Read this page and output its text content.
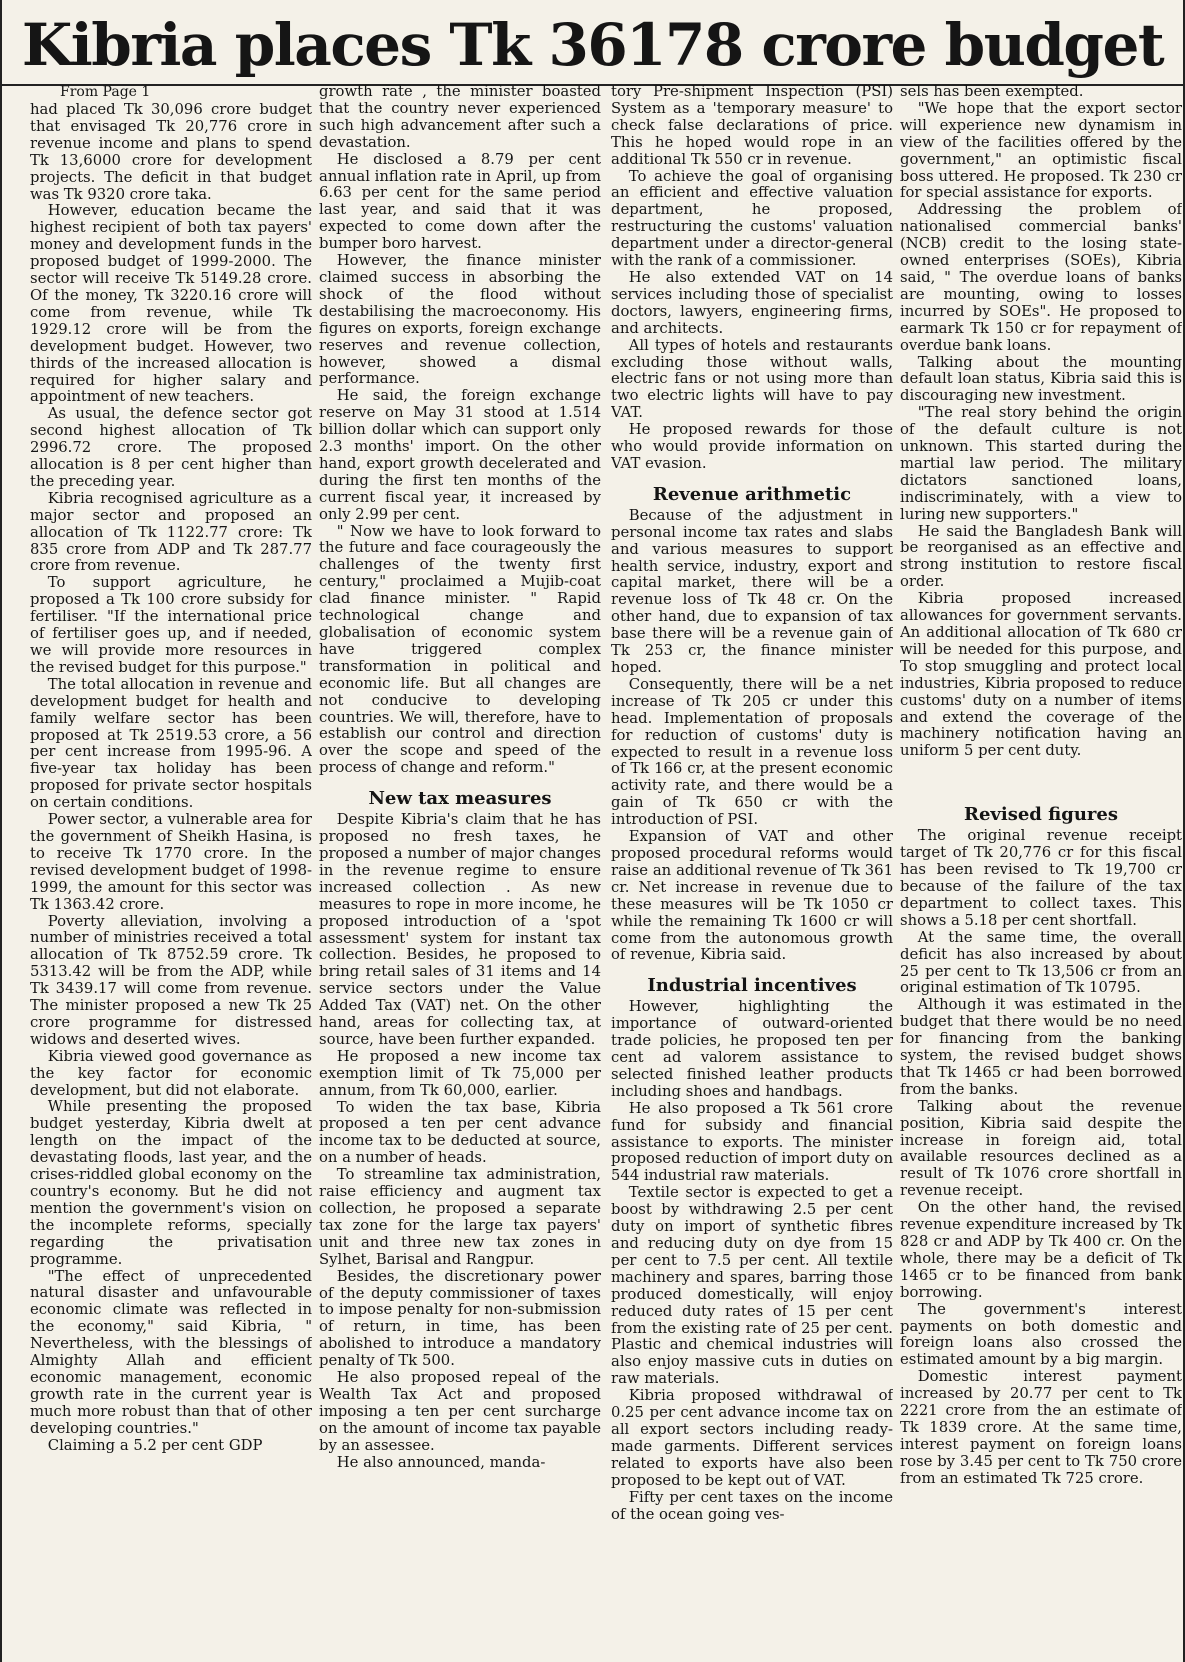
Kibria places Tk 36178 crore budget
From Page 1

had placed Tk 30,096 crore budget that envisaged Tk 20,776 crore in revenue income and plans to spend Tk 13,6000 crore for development projects. The deficit in that budget was Tk 9320 crore taka.

However, education became the highest recipient of both tax payers' money and development funds in the proposed budget of 1999-2000. The sector will receive Tk 5149.28 crore. Of the money, Tk 3220.16 crore will come from revenue, while Tk 1929.12 crore will be from the development budget. However, two thirds of the increased allocation is required for higher salary and appointment of new teachers.

As usual, the defence sector got second highest allocation of Tk 2996.72 crore. The proposed allocation is 8 per cent higher than the preceding year.

Kibria recognised agriculture as a major sector and proposed an allocation of Tk 1122.77 crore: Tk 835 crore from ADP and Tk 287.77 crore from revenue.

To support agriculture, he proposed a Tk 100 crore subsidy for fertiliser. "If the international price of fertiliser goes up, and if needed, we will provide more resources in the revised budget for this purpose."

The total allocation in revenue and development budget for health and family welfare sector has been proposed at Tk 2519.53 crore, a 56 per cent increase from 1995-96. A five-year tax holiday has been proposed for private sector hospitals on certain conditions.

Power sector, a vulnerable area for the government of Sheikh Hasina, is to receive Tk 1770 crore. In the revised development budget of 1998-1999, the amount for this sector was Tk 1363.42 crore.

Poverty alleviation, involving a number of ministries received a total allocation of Tk 8752.59 crore. Tk 5313.42 will be from the ADP, while Tk 3439.17 will come from revenue. The minister proposed a new Tk 25 crore programme for distressed widows and deserted wives.

Kibria viewed good governance as the key factor for economic development, but did not elaborate.

While presenting the proposed budget yesterday, Kibria dwelt at length on the impact of the devastating floods, last year, and the crises-riddled global economy on the country's economy. But he did not mention the government's vision on the incomplete reforms, specially regarding the privatisation programme.

"The effect of unprecedented natural disaster and unfavourable economic climate was reflected in the economy," said Kibria, " Nevertheless, with the blessings of Almighty Allah and efficient economic management, economic growth rate in the current year is much more robust than that of other developing countries."

Claiming a 5.2 per cent GDP

growth rate , the minister boasted that the country never experienced such high advancement after such a devastation.

He disclosed a 8.79 per cent annual inflation rate in April, up from 6.63 per cent for the same period last year, and said that it was expected to come down after the bumper boro harvest.

However, the finance minister claimed success in absorbing the shock of the flood without destabilising the macroeconomy. His figures on exports, foreign exchange reserves and revenue collection, however, showed a dismal performance.

He said, the foreign exchange reserve on May 31 stood at 1.514 billion dollar which can support only 2.3 months' import. On the other hand, export growth decelerated and during the first ten months of the current fiscal year, it increased by only 2.99 per cent.

" Now we have to look forward to the future and face courageously the challenges of the twenty first century," proclaimed a Mujib-coat clad finance minister. " Rapid technological change and globalisation of economic system have triggered complex transformation in political and economic life. But all changes are not conducive to developing countries. We will, therefore, have to establish our control and direction over the scope and speed of the process of change and reform."

New tax measures

Despite Kibria's claim that he has proposed no fresh taxes, he proposed a number of major changes in the revenue regime to ensure increased collection . As new measures to rope in more income, he proposed introduction of a 'spot assessment' system for instant tax collection. Besides, he proposed to bring retail sales of 31 items and 14 service sectors under the Value Added Tax (VAT) net. On the other hand, areas for collecting tax, at source, have been further expanded.

He proposed a new income tax exemption limit of Tk 75,000 per annum, from Tk 60,000, earlier.

To widen the tax base, Kibria proposed a ten per cent advance income tax to be deducted at source, on a number of heads.

To streamline tax administration, raise efficiency and augment tax collection, he proposed a separate tax zone for the large tax payers' unit and three new tax zones in Sylhet, Barisal and Rangpur.

Besides, the discretionary power of the deputy commissioner of taxes to impose penalty for non-submission of return, in time, has been abolished to introduce a mandatory penalty of Tk 500.

He also proposed repeal of the Wealth Tax Act and proposed imposing a ten per cent surcharge on the amount of income tax payable by an assessee.

He also announced, manda-

tory Pre-shipment Inspection (PSI) System as a 'temporary measure' to check false declarations of price. This he hoped would rope in an additional Tk 550 cr in revenue.

To achieve the goal of organising an efficient and effective valuation department, he proposed, restructuring the customs' valuation department under a director-general with the rank of a commissioner.

He also extended VAT on 14 services including those of specialist doctors, lawyers, engineering firms, and architects.

All types of hotels and restaurants excluding those without walls, electric fans or not using more than two electric lights will have to pay VAT.

He proposed rewards for those who would provide information on VAT evasion.

Revenue arithmetic

Because of the adjustment in personal income tax rates and slabs and various measures to support health service, industry, export and capital market, there will be a revenue loss of Tk 48 cr. On the other hand, due to expansion of tax base there will be a revenue gain of Tk 253 cr, the finance minister hoped.

Consequently, there will be a net increase of Tk 205 cr under this head. Implementation of proposals for reduction of customs' duty is expected to result in a revenue loss of Tk 166 cr, at the present economic activity rate, and there would be a gain of Tk 650 cr with the introduction of PSI.

Expansion of VAT and other proposed procedural reforms would raise an additional revenue of Tk 361 cr. Net increase in revenue due to these measures will be Tk 1050 cr while the remaining Tk 1600 cr will come from the autonomous growth of revenue, Kibria said.

Industrial incentives

However, highlighting the importance of outward-oriented trade policies, he proposed ten per cent ad valorem assistance to selected finished leather products including shoes and handbags.

He also proposed a Tk 561 crore fund for subsidy and financial assistance to exports. The minister proposed reduction of import duty on 544 industrial raw materials.

Textile sector is expected to get a boost by withdrawing 2.5 per cent duty on import of synthetic fibres and reducing duty on dye from 15 per cent to 7.5 per cent. All textile machinery and spares, barring those produced domestically, will enjoy reduced duty rates of 15 per cent from the existing rate of 25 per cent. Plastic and chemical industries will also enjoy massive cuts in duties on raw materials.

Kibria proposed withdrawal of 0.25 per cent advance income tax on all export sectors including ready-made garments. Different services related to exports have also been proposed to be kept out of VAT.

Fifty per cent taxes on the income of the ocean going ves-

sels has been exempted.

"We hope that the export sector will experience new dynamism in view of the facilities offered by the government," an optimistic fiscal boss uttered. He proposed. Tk 230 cr for special assistance for exports.

Addressing the problem of nationalised commercial banks' (NCB) credit to the losing state-owned enterprises (SOEs), Kibria said, " The overdue loans of banks are mounting, owing to losses incurred by SOEs". He proposed to earmark Tk 150 cr for repayment of overdue bank loans.

Talking about the mounting default loan status, Kibria said this is discouraging new investment.

"The real story behind the origin of the default culture is not unknown. This started during the martial law period. The military dictators sanctioned loans, indiscriminately, with a view to luring new supporters."

He said the Bangladesh Bank will be reorganised as an effective and strong institution to restore fiscal order.

Kibria proposed increased allowances for government servants. An additional allocation of Tk 680 cr will be needed for this purpose, and To stop smuggling and protect local industries, Kibria proposed to reduce customs' duty on a number of items and extend the coverage of the machinery notification having an uniform 5 per cent duty.

Revised figures

The original revenue receipt target of Tk 20,776 cr for this fiscal has been revised to Tk 19,700 cr because of the failure of the tax department to collect taxes. This shows a 5.18 per cent shortfall.

At the same time, the overall deficit has also increased by about 25 per cent to Tk 13,506 cr from an original estimation of Tk 10795.

Although it was estimated in the budget that there would be no need for financing from the banking system, the revised budget shows that Tk 1465 cr had been borrowed from the banks.

Talking about the revenue position, Kibria said despite the increase in foreign aid, total available resources declined as a result of Tk 1076 crore shortfall in revenue receipt.

On the other hand, the revised revenue expenditure increased by Tk 828 cr and ADP by Tk 400 cr. On the whole, there may be a deficit of Tk 1465 cr to be financed from bank borrowing.

The government's interest payments on both domestic and foreign loans also crossed the estimated amount by a big margin.

Domestic interest payment increased by 20.77 per cent to Tk 2221 crore from the an estimate of Tk 1839 crore. At the same time, interest payment on foreign loans rose by 3.45 per cent to Tk 750 crore from an estimated Tk 725 crore.
